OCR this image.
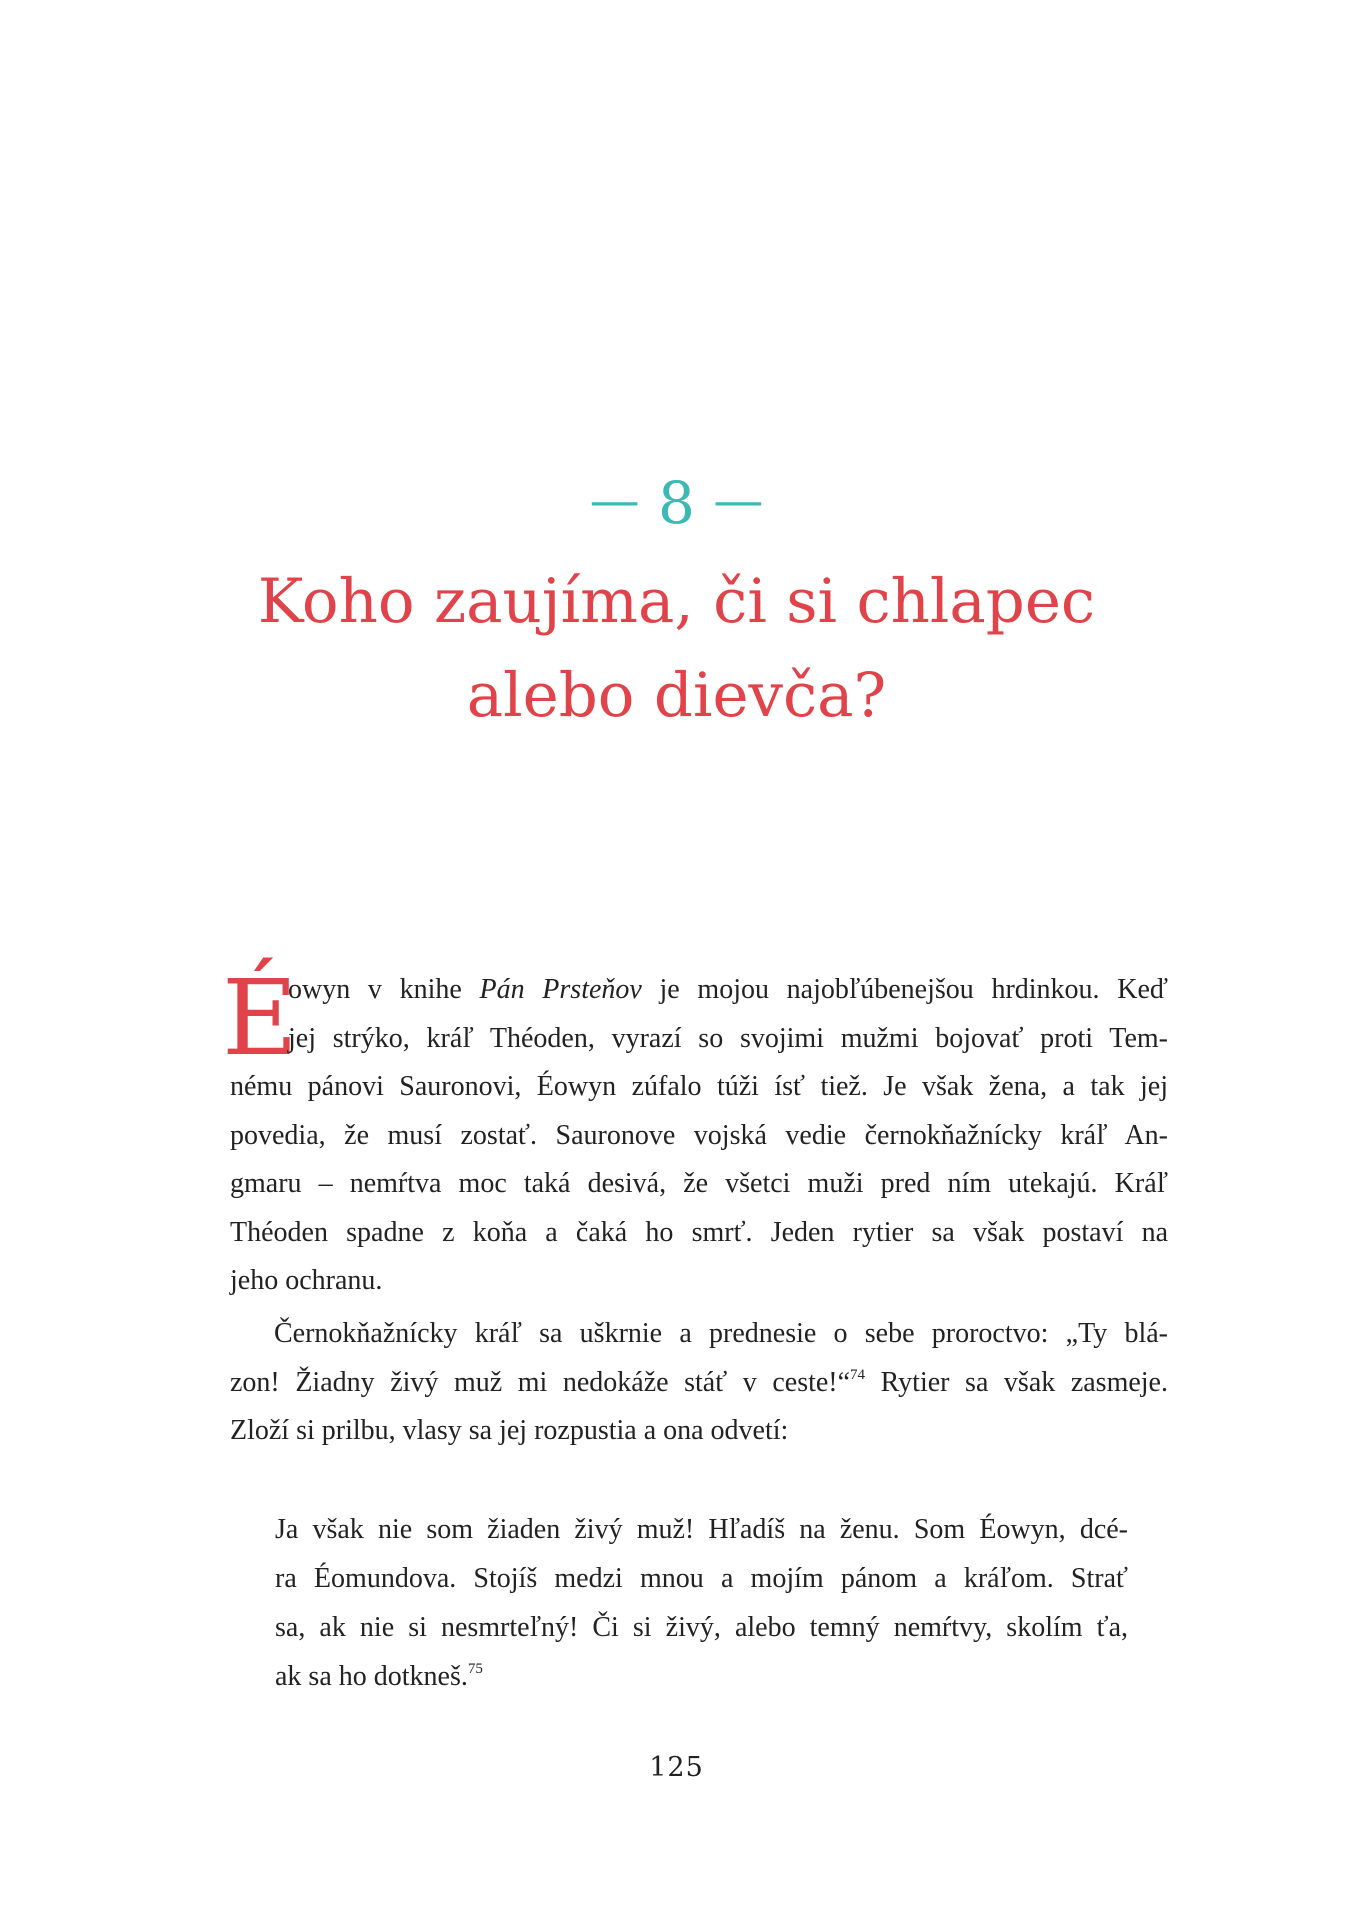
— 8 —
Koho zaujíma, či si chlapec
alebo dievča?
É
owyn v knihe Pán Prsteňov je mojou najobľúbenejšou hrdinkou. Keď
jej strýko, kráľ Théoden, vyrazí so svojimi mužmi bojovať proti Tem-
nému pánovi Sauronovi, Éowyn zúfalo túži ísť tiež. Je však žena, a tak jej
povedia, že musí zostať. Sauronove vojská vedie černokňažnícky kráľ An-
gmaru – nemŕtva moc taká desivá, že všetci muži pred ním utekajú. Kráľ
Théoden spadne z koňa a čaká ho smrť. Jeden rytier sa však postaví na
jeho ochranu.
Černokňažnícky kráľ sa uškrnie a prednesie o sebe proroctvo: „Ty blá-
zon! Žiadny živý muž mi nedokáže stáť v ceste!“$^{74}$ Rytier sa však zasmeje.
Zloží si prilbu, vlasy sa jej rozpustia a ona odvetí:
Ja však nie som žiaden živý muž! Hľadíš na ženu. Som Éowyn, dcé-
ra Éomundova. Stojíš medzi mnou a mojím pánom a kráľom. Strať
sa, ak nie si nesmrteľný! Či si živý, alebo temný nemŕtvy, skolím ťa,
ak sa ho dotkneš.$^{75}$
125
